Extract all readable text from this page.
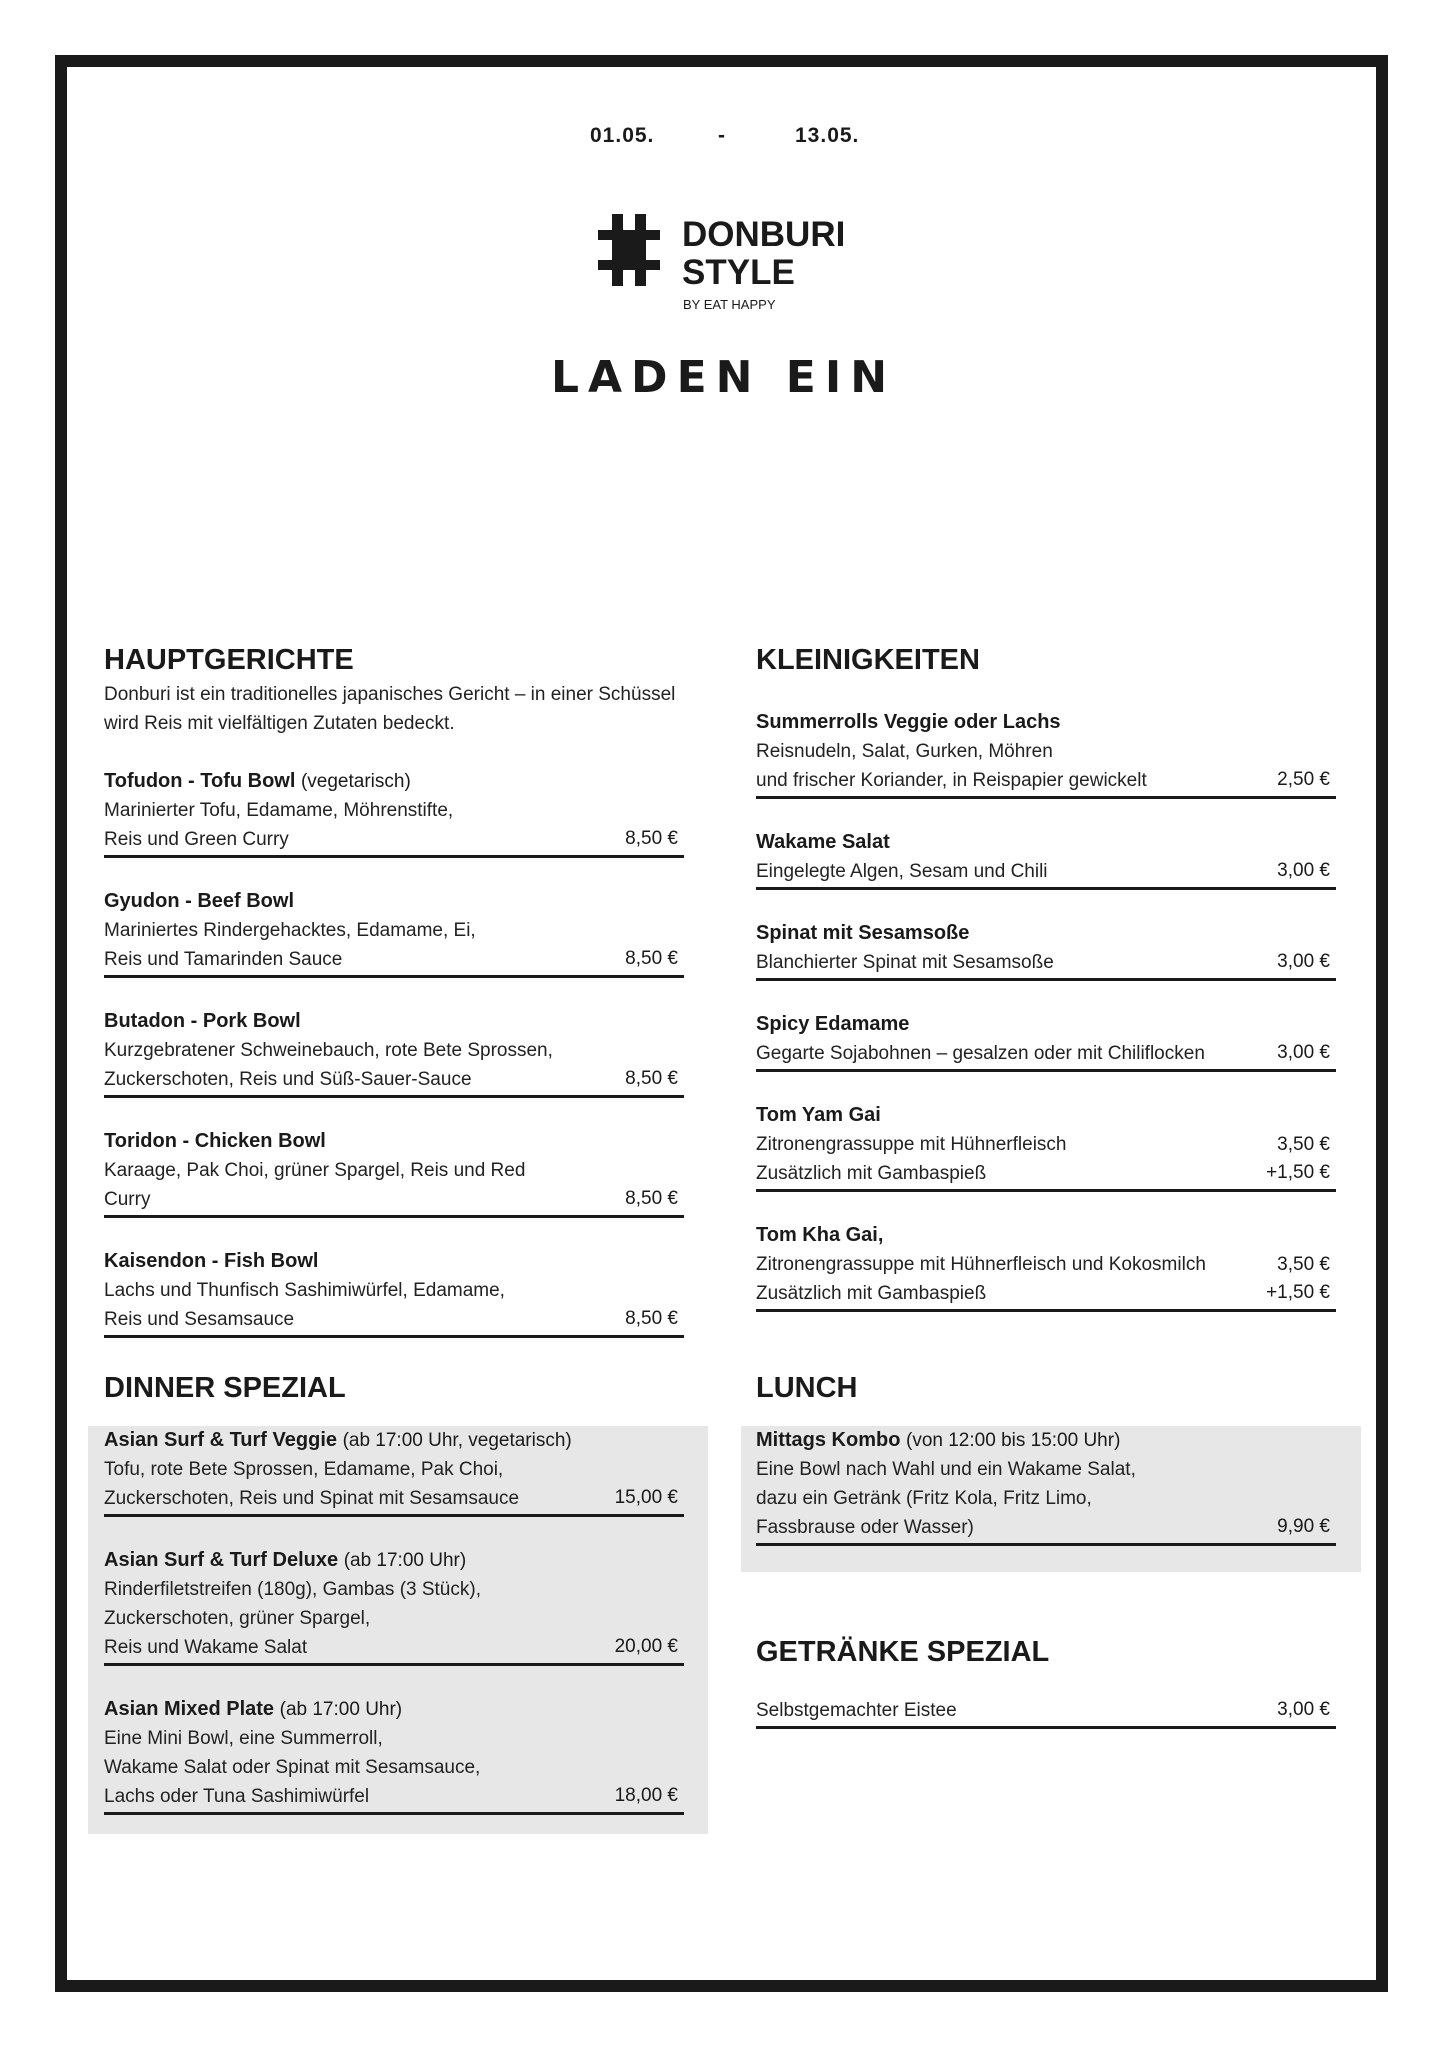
01.05.	-	13.05.
DONBURI
STYLE
BY EAT HAPPY
LADEN EIN
HAUPTGERICHTE
Donburi ist ein traditionelles japanisches Gericht – in einer Schüssel
wird Reis mit vielfältigen Zutaten bedeckt.
Tofudon - Tofu Bowl (vegetarisch)
Marinierter Tofu, Edamame, Möhrenstifte,
Reis und Green Curry	8,50 €
Gyudon - Beef Bowl
Mariniertes Rindergehacktes, Edamame, Ei,
Reis und Tamarinden Sauce	8,50 €
Butadon - Pork Bowl
Kurzgebratener Schweinebauch, rote Bete Sprossen,
Zuckerschoten, Reis und Süß-Sauer-Sauce	8,50 €
Toridon - Chicken Bowl
Karaage, Pak Choi, grüner Spargel, Reis und Red Curry	8,50 €
Kaisendon - Fish Bowl
Lachs und Thunfisch Sashimiwürfel, Edamame,
Reis und Sesamsauce	8,50 €
KLEINIGKEITEN
Summerrolls Veggie oder Lachs
Reisnudeln, Salat, Gurken, Möhren
und frischer Koriander, in Reispapier gewickelt	2,50 €
Wakame Salat
Eingelegte Algen, Sesam und Chili	3,00 €
Spinat mit Sesamsoße
Blanchierter Spinat mit Sesamsoße	3,00 €
Spicy Edamame
Gegarte Sojabohnen – gesalzen oder mit Chiliflocken	3,00 €
Tom Yam Gai
Zitronengrassuppe mit Hühnerfleisch	3,50 €
Zusätzlich mit Gambaspieß	+1,50 €
Tom Kha Gai,
Zitronengrassuppe mit Hühnerfleisch und Kokosmilch	3,50 €
Zusätzlich mit Gambaspieß	+1,50 €
DINNER SPEZIAL
Asian Surf & Turf Veggie (ab 17:00 Uhr, vegetarisch)
Tofu, rote Bete Sprossen, Edamame, Pak Choi,
Zuckerschoten, Reis und Spinat mit Sesamsauce	15,00 €
Asian Surf & Turf Deluxe (ab 17:00 Uhr)
Rinderfiletstreifen (180g), Gambas (3 Stück),
Zuckerschoten, grüner Spargel,
Reis und Wakame Salat	20,00 €
Asian Mixed Plate (ab 17:00 Uhr)
Eine Mini Bowl, eine Summerroll,
Wakame Salat oder Spinat mit Sesamsauce,
Lachs oder Tuna Sashimiwürfel	18,00 €
LUNCH
Mittags Kombo (von 12:00 bis 15:00 Uhr)
Eine Bowl nach Wahl und ein Wakame Salat,
dazu ein Getränk (Fritz Kola, Fritz Limo,
Fassbrause oder Wasser)	9,90 €
GETRÄNKE SPEZIAL
Selbstgemachter Eistee	3,00 €
